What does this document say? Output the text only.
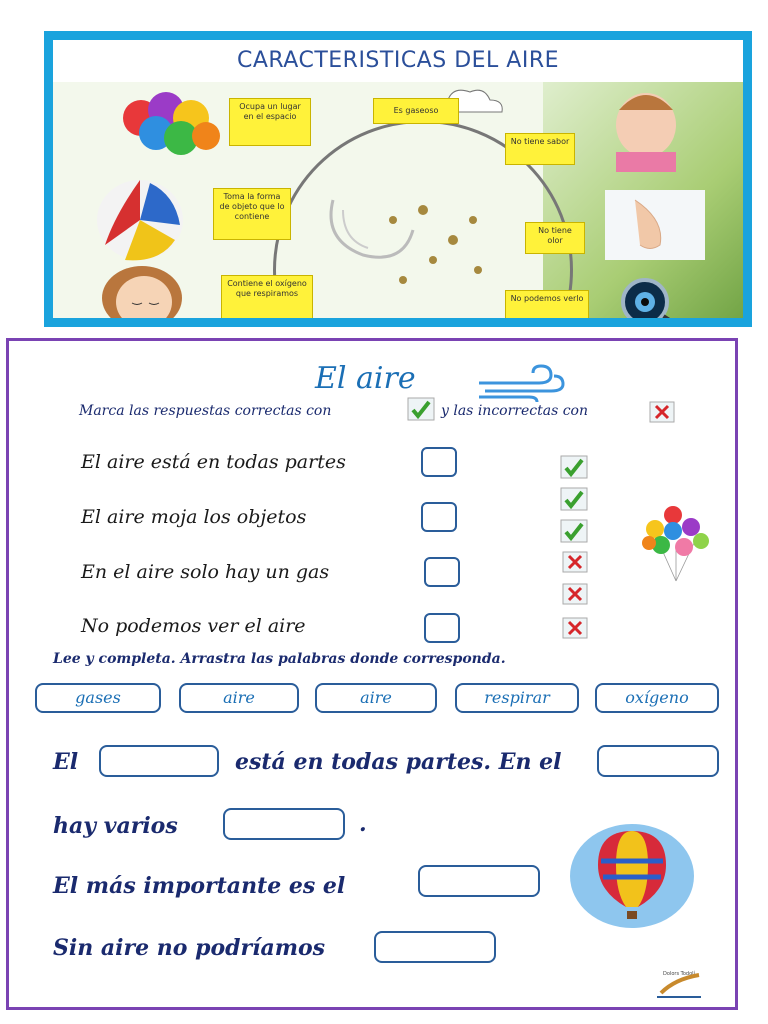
CARACTERISTICAS DEL AIRE
Ocupa un lugar en el espacio
Es gaseoso
No tiene sabor
Toma la forma de objeto que lo contiene
No tiene olor
Contiene el oxígeno que respiramos
No podemos verlo
El aire
Marca las respuestas correctas con	y las incorrectas con
El aire está en todas partes
El aire moja los objetos
En el aire solo hay un gas
No podemos ver el aire
Lee y completa. Arrastra las palabras donde corresponda.
gases	aire	aire	respirar	oxígeno
El	está en todas partes. En el
hay varios	.
El más importante es el
Sin aire no podríamos
Dolors Todolí
